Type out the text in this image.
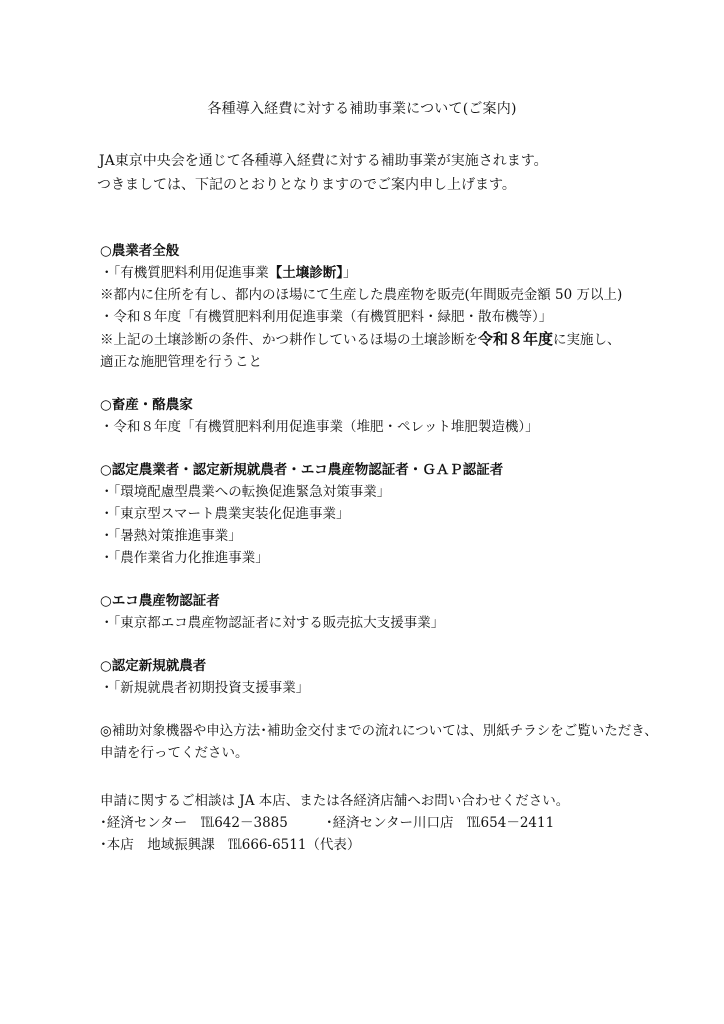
各種導入経費に対する補助事業について(ご案内)
JA東京中央会を通じて各種導入経費に対する補助事業が実施されます。
つきましては、下記のとおりとなりますのでご案内申し上げます。
○農業者全般
・「有機質肥料利用促進事業【土壌診断】」
※都内に住所を有し、都内のほ場にて生産した農産物を販売(年間販売金額 50 万以上)
・令和８年度「有機質肥料利用促進事業（有機質肥料・緑肥・散布機等）」
※上記の土壌診断の条件、かつ耕作しているほ場の土壌診断を令和８年度に実施し、
適正な施肥管理を行うこと
○畜産・酪農家
・令和８年度「有機質肥料利用促進事業（堆肥・ペレット堆肥製造機）」
○認定農業者・認定新規就農者・エコ農産物認証者・ＧＡＰ認証者
・「環境配慮型農業への転換促進緊急対策事業」
・「東京型スマート農業実装化促進事業」
・「暑熱対策推進事業」
・「農作業省力化推進事業」
○エコ農産物認証者
・「東京都エコ農産物認証者に対する販売拡大支援事業」
○認定新規就農者
・「新規就農者初期投資支援事業」
◎補助対象機器や申込方法･補助金交付までの流れについては、別紙チラシをご覧いただき、
申請を行ってください。
申請に関するご相談は JA 本店、または各経済店舗へお問い合わせください。
･経済センター　℡642－3885	･経済センター川口店　℡654－2411
･本店　地域振興課　℡666-6511（代表）
